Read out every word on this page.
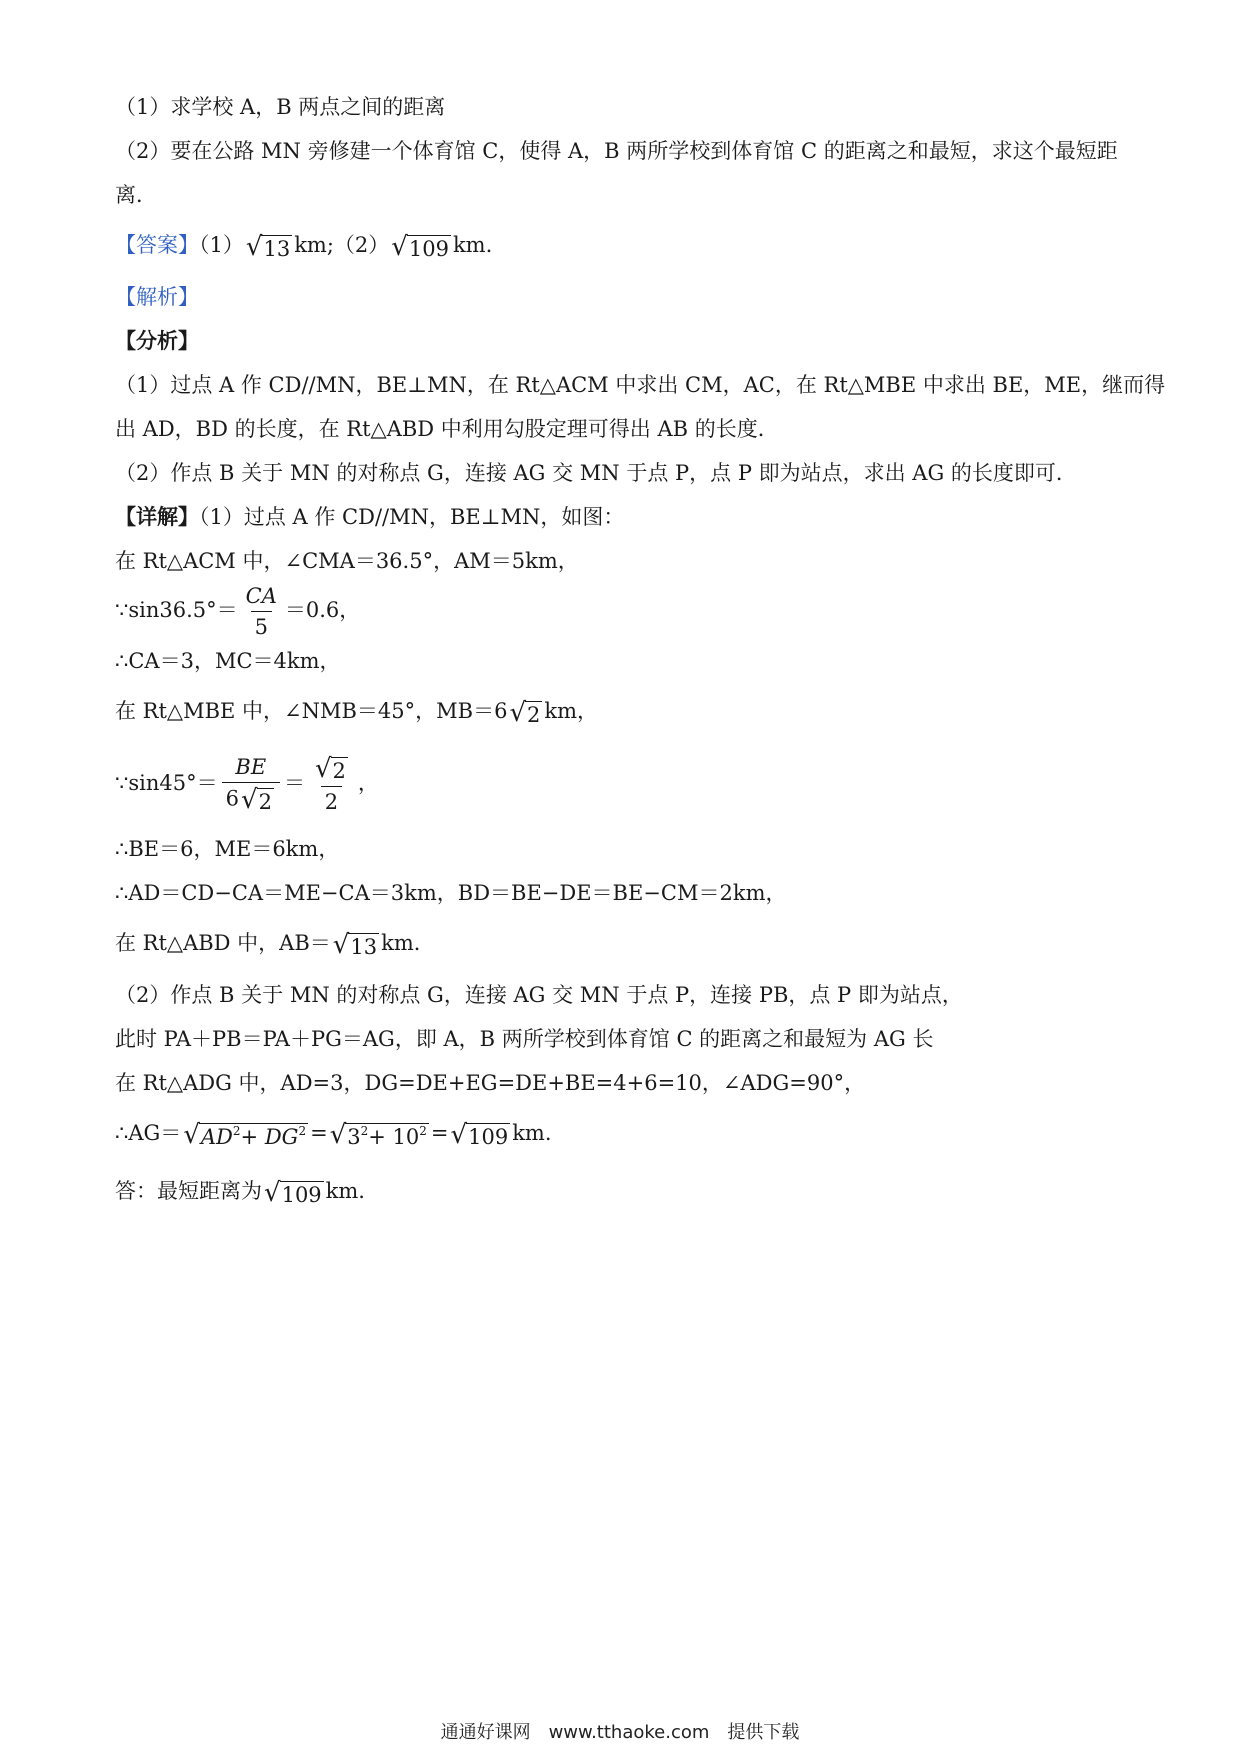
（1）求学校 A，B 两点之间的距离
（2）要在公路 MN 旁修建一个体育馆 C，使得 A，B 两所学校到体育馆 C 的距离之和最短，求这个最短距
离．
【答案】（1） √ 13 km;（2） √ 109 km.
【解析】
【分析】
（1）过点 A 作 CD//MN，BE⊥MN，在 Rt△ACM 中求出 CM，AC，在 Rt△MBE 中求出 BE，ME，继而得
出 AD，BD 的长度，在 Rt△ABD 中利用勾股定理可得出 AB 的长度．
（2）作点 B 关于 MN 的对称点 G，连接 AG 交 MN 于点 P，点 P 即为站点，求出 AG 的长度即可．
【详解】（1）过点 A 作 CD//MN，BE⊥MN，如图：
在 Rt△ACM 中，∠CMA＝36.5°，AM＝5km，
∵sin36.5°＝ $\frac{CA}{5} =0.6$，
∴CA＝3，MC＝4km，
在 Rt△MBE 中，∠NMB＝45°，MB＝6 √ 2 km，
∵sin45°＝ $\frac{BE}{6 √ 2} = \frac{√ 2}{2}$ ，
∴BE＝6，ME＝6km，
∴AD＝CD−CA＝ME−CA＝3km，BD＝BE−DE＝BE−CM＝2km，
在 Rt△ABD 中，AB＝ √ 13 km．
（2）作点 B 关于 MN 的对称点 G，连接 AG 交 MN 于点 P，连接 PB，点 P 即为站点，
此时 PA＋PB＝PA＋PG＝AG，即 A，B 两所学校到体育馆 C 的距离之和最短为 AG 长
在 Rt△ADG 中，AD=3，DG=DE+EG=DE+BE=4+6=10，∠ADG=90°，
∴AG＝ √ $AD^2+ DG^2$ = √ $3^2+ 10^2$ = √ 109 km.
答：最短距离为 √ 109 km.
通通好课网　www.tthaoke.com　提供下载
